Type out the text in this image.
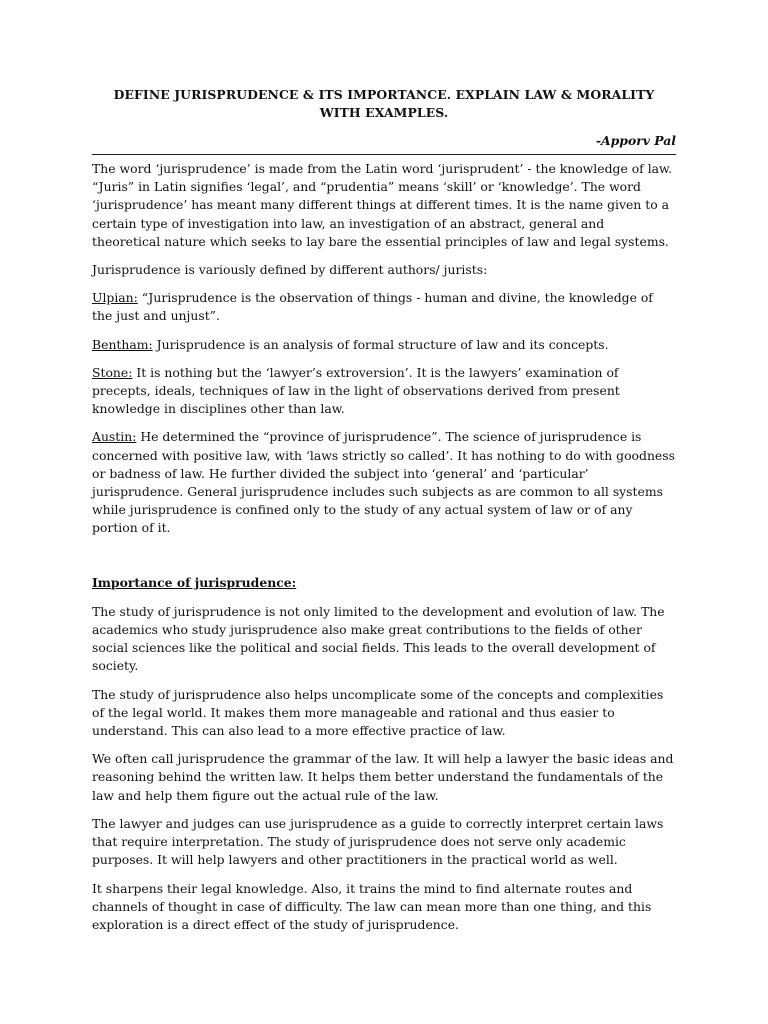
DEFINE JURISPRUDENCE & ITS IMPORTANCE. EXPLAIN LAW & MORALITY WITH EXAMPLES.
-Apporv Pal

The word ‘jurisprudence’ is made from the Latin word ‘jurisprudent’ - the knowledge of law. “Juris” in Latin signifies ‘legal’, and “prudentia” means ‘skill’ or ‘knowledge’. The word ‘jurisprudence’ has meant many different things at different times. It is the name given to a certain type of investigation into law, an investigation of an abstract, general and theoretical nature which seeks to lay bare the essential principles of law and legal systems.

Jurisprudence is variously defined by different authors/ jurists:

Ulpian: “Jurisprudence is the observation of things - human and divine, the knowledge of the just and unjust”.

Bentham: Jurisprudence is an analysis of formal structure of law and its concepts.

Stone: It is nothing but the ‘lawyer’s extroversion’. It is the lawyers’ examination of precepts, ideals, techniques of law in the light of observations derived from present knowledge in disciplines other than law.

Austin: He determined the “province of jurisprudence”. The science of jurisprudence is concerned with positive law, with ‘laws strictly so called’. It has nothing to do with goodness or badness of law. He further divided the subject into ‘general’ and ‘particular’ jurisprudence. General jurisprudence includes such subjects as are common to all systems while jurisprudence is confined only to the study of any actual system of law or of any portion of it.

Importance of jurisprudence:

The study of jurisprudence is not only limited to the development and evolution of law. The academics who study jurisprudence also make great contributions to the fields of other social sciences like the political and social fields. This leads to the overall development of society.

The study of jurisprudence also helps uncomplicate some of the concepts and complexities of the legal world. It makes them more manageable and rational and thus easier to understand. This can also lead to a more effective practice of law.

We often call jurisprudence the grammar of the law. It will help a lawyer the basic ideas and reasoning behind the written law. It helps them better understand the fundamentals of the law and help them figure out the actual rule of the law.

The lawyer and judges can use jurisprudence as a guide to correctly interpret certain laws that require interpretation. The study of jurisprudence does not serve only academic purposes. It will help lawyers and other practitioners in the practical world as well.

It sharpens their legal knowledge. Also, it trains the mind to find alternate routes and channels of thought in case of difficulty. The law can mean more than one thing, and this exploration is a direct effect of the study of jurisprudence.
